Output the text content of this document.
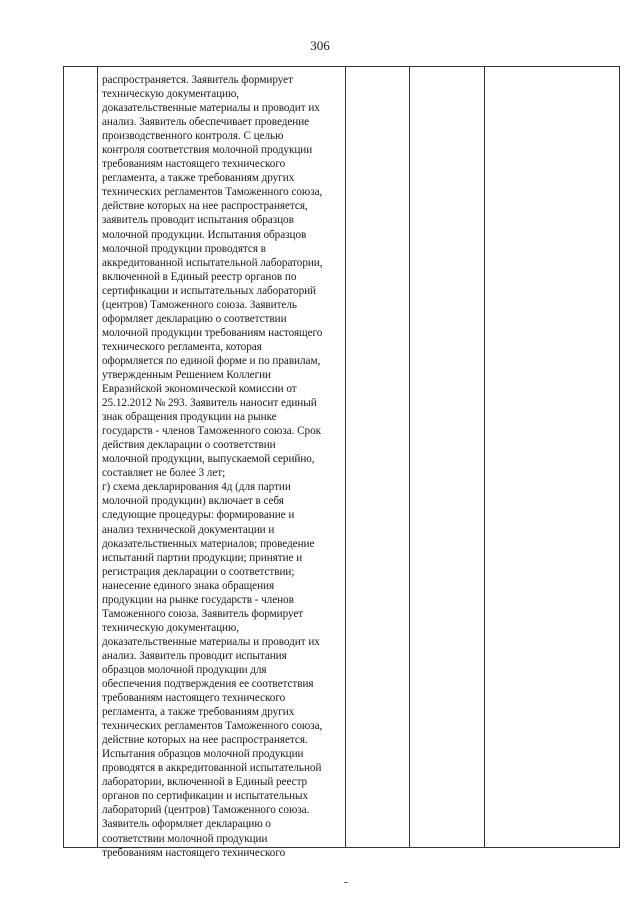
306
распространяется. Заявитель формирует
техническую документацию,
доказательственные материалы и проводит их
анализ. Заявитель обеспечивает проведение
производственного контроля. С целью
контроля соответствия молочной продукции
требованиям настоящего технического
регламента, а также требованиям других
технических регламентов Таможенного союза,
действие которых на нее распространяется,
заявитель проводит испытания образцов
молочной продукции. Испытания образцов
молочной продукции проводятся в
аккредитованной испытательной лаборатории,
включенной в Единый реестр органов по
сертификации и испытательных лабораторий
(центров) Таможенного союза. Заявитель
оформляет декларацию о соответствии
молочной продукции требованиям настоящего
технического регламента, которая
оформляется по единой форме и по правилам,
утвержденным Решением Коллегии
Евразийской экономической комиссии от
25.12.2012 № 293. Заявитель наносит единый
знак обращения продукции на рынке
государств - членов Таможенного союза. Срок
действия декларации о соответствии
молочной продукции, выпускаемой серийно,
составляет не более 3 лет;
г) схема декларирования 4д (для партии
молочной продукции) включает в себя
следующие процедуры: формирование и
анализ технической документации и
доказательственных материалов; проведение
испытаний партии продукции; принятие и
регистрация декларации о соответствии;
нанесение единого знака обращения
продукции на рынке государств - членов
Таможенного союза. Заявитель формирует
техническую документацию,
доказательственные материалы и проводит их
анализ. Заявитель проводит испытания
образцов молочной продукции для
обеспечения подтверждения ее соответствия
требованиям настоящего технического
регламента, а также требованиям других
технических регламентов Таможенного союза,
действие которых на нее распространяется.
Испытания образцов молочной продукции
проводятся в аккредитованной испытательной
лаборатории, включенной в Единый реестр
органов по сертификации и испытательных
лабораторий (центров) Таможенного союза.
Заявитель оформляет декларацию о
соответствии молочной продукции
требованиям настоящего технического
